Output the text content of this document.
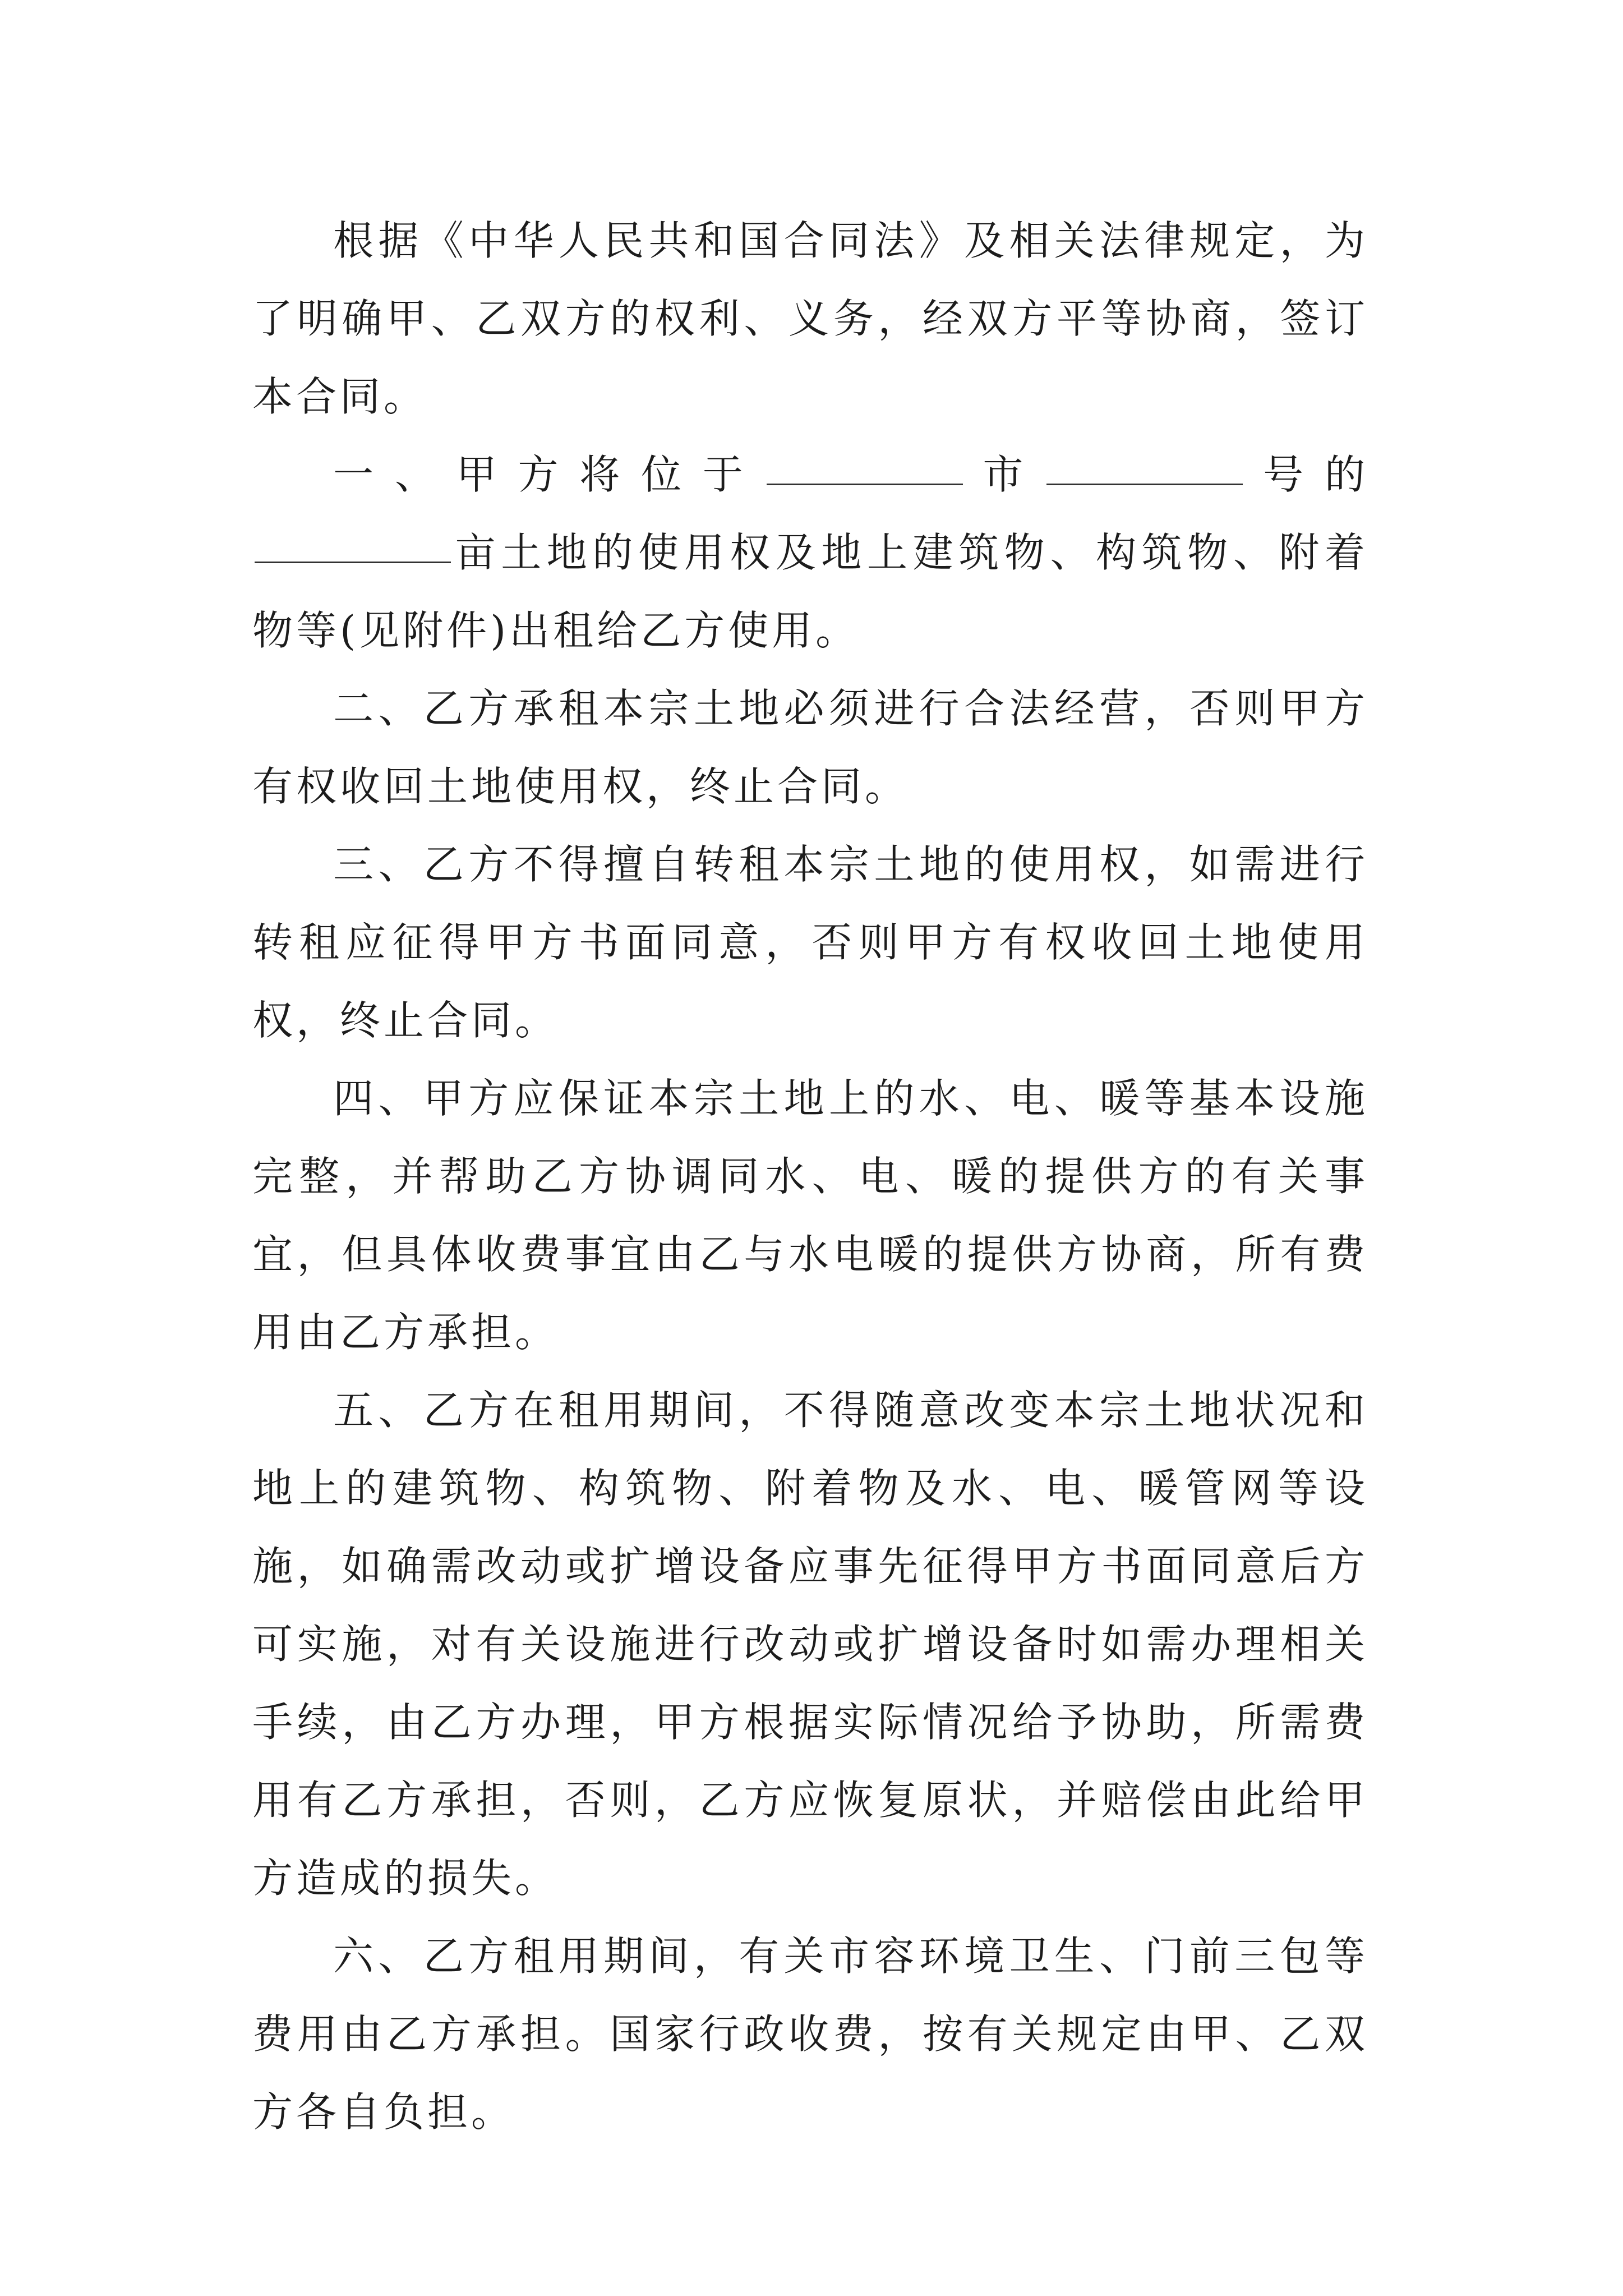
根据《中华人民共和国合同法》及相关法律规定，为了明确甲、乙双方的权利、义务，经双方平等协商，签订本合同。

一、甲方将位于	市	号的亩土地的使用权及地上建筑物、构筑物、附着物等(见附件)出租给乙方使用。

二、乙方承租本宗土地必须进行合法经营，否则甲方有权收回土地使用权，终止合同。

三、乙方不得擅自转租本宗土地的使用权，如需进行转租应征得甲方书面同意，否则甲方有权收回土地使用权，终止合同。

四、甲方应保证本宗土地上的水、电、暖等基本设施完整，并帮助乙方协调同水、电、暖的提供方的有关事宜，但具体收费事宜由乙与水电暖的提供方协商，所有费用由乙方承担。

五、乙方在租用期间，不得随意改变本宗土地状况和地上的建筑物、构筑物、附着物及水、电、暖管网等设施，如确需改动或扩增设备应事先征得甲方书面同意后方可实施，对有关设施进行改动或扩增设备时如需办理相关手续，由乙方办理，甲方根据实际情况给予协助，所需费用有乙方承担，否则，乙方应恢复原状，并赔偿由此给甲方造成的损失。

六、乙方租用期间，有关市容环境卫生、门前三包等费用由乙方承担。国家行政收费，按有关规定由甲、乙双方各自负担。
